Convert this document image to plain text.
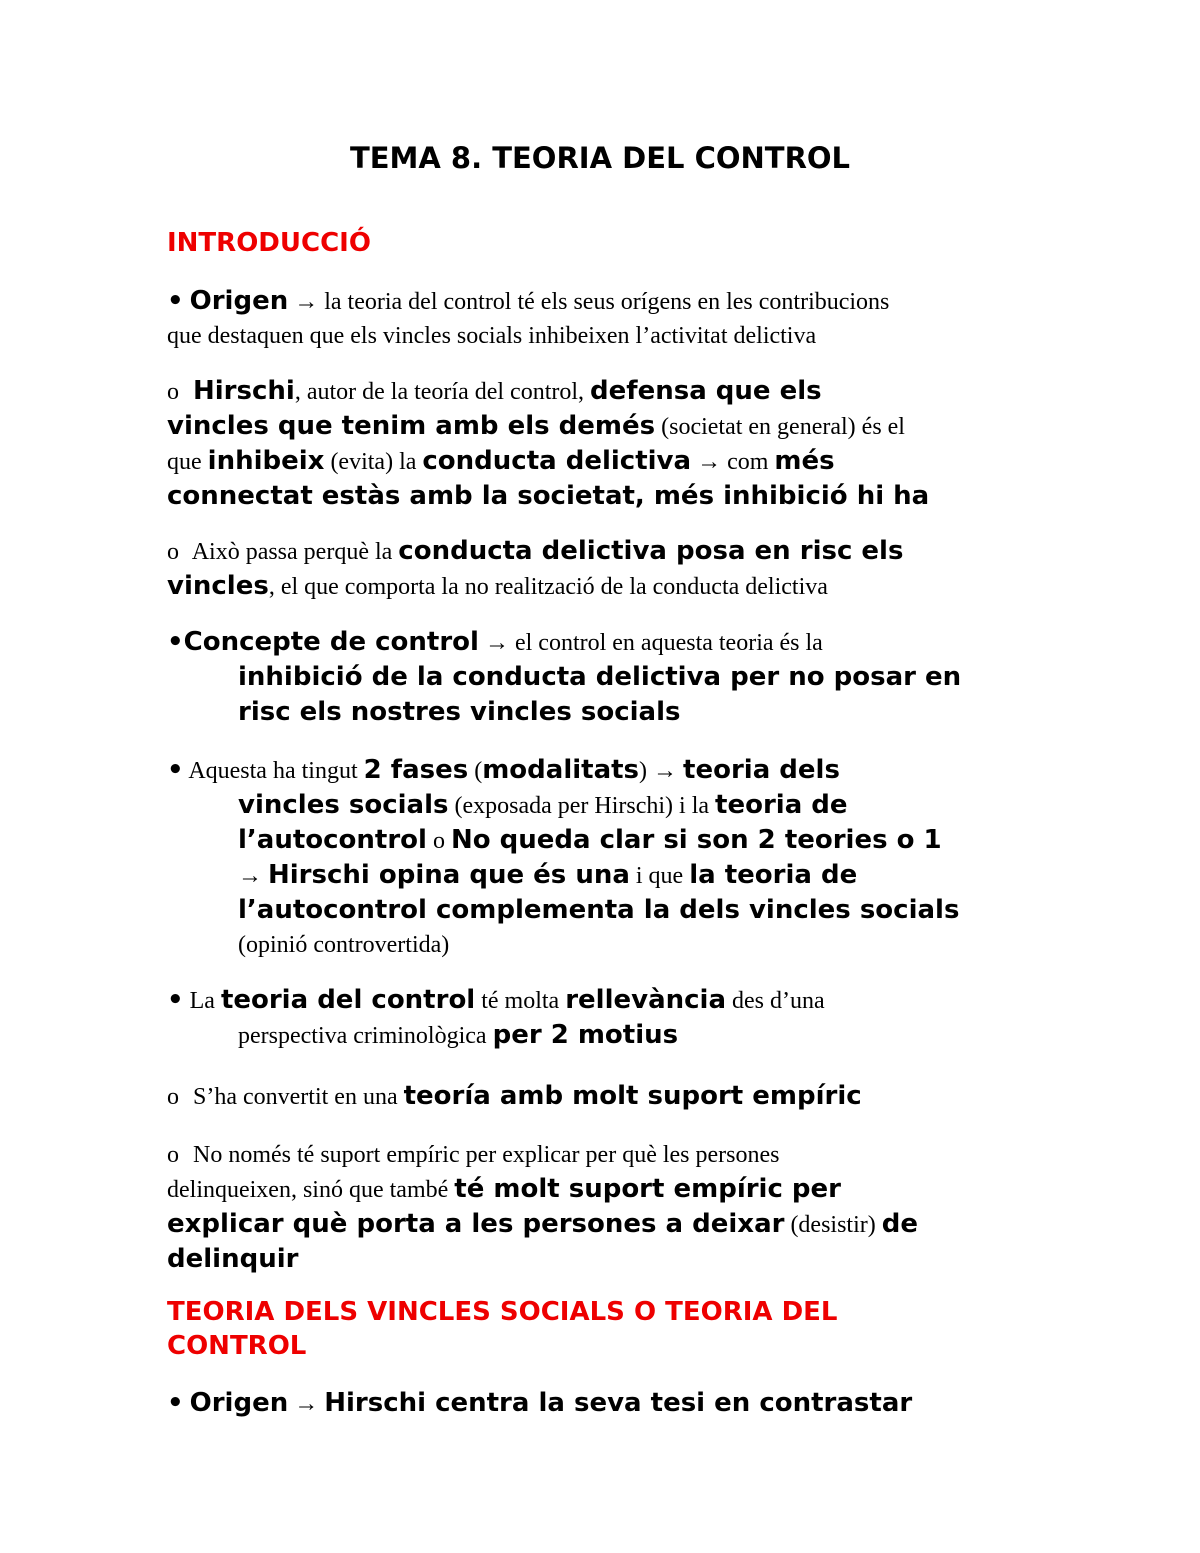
TEMA 8. TEORIA DEL CONTROL
INTRODUCCIÓ

• Origen → la teoria del control té els seus orígens en les contribucions
que destaquen que els vincles socials inhibeixen l’activitat delictiva

o Hirschi, autor de la teoría del control, defensa que els
vincles que tenim amb els demés (societat en general) és el
que inhibeix (evita) la conducta delictiva → com més
connectat estàs amb la societat, més inhibició hi ha

o Això passa perquè la conducta delictiva posa en risc els
vincles, el que comporta la no realització de la conducta delictiva

•Concepte de control → el control en aquesta teoria és la
inhibició de la conducta delictiva per no posar en
risc els nostres vincles socials

• Aquesta ha tingut 2 fases (modalitats) → teoria dels
vincles socials (exposada per Hirschi) i la teoria de
l’autocontrol o No queda clar si son 2 teories o 1
→ Hirschi opina que és una i que la teoria de
l’autocontrol complementa la dels vincles socials
(opinió controvertida)

• La teoria del control té molta rellevància des d’una
perspectiva criminològica per 2 motius

o S’ha convertit en una teoría amb molt suport empíric

o No només té suport empíric per explicar per què les persones
delinqueixen, sinó que també té molt suport empíric per
explicar què porta a les persones a deixar (desistir) de
delinquir

TEORIA DELS VINCLES SOCIALS O TEORIA DEL
CONTROL

• Origen → Hirschi centra la seva tesi en contrastar
